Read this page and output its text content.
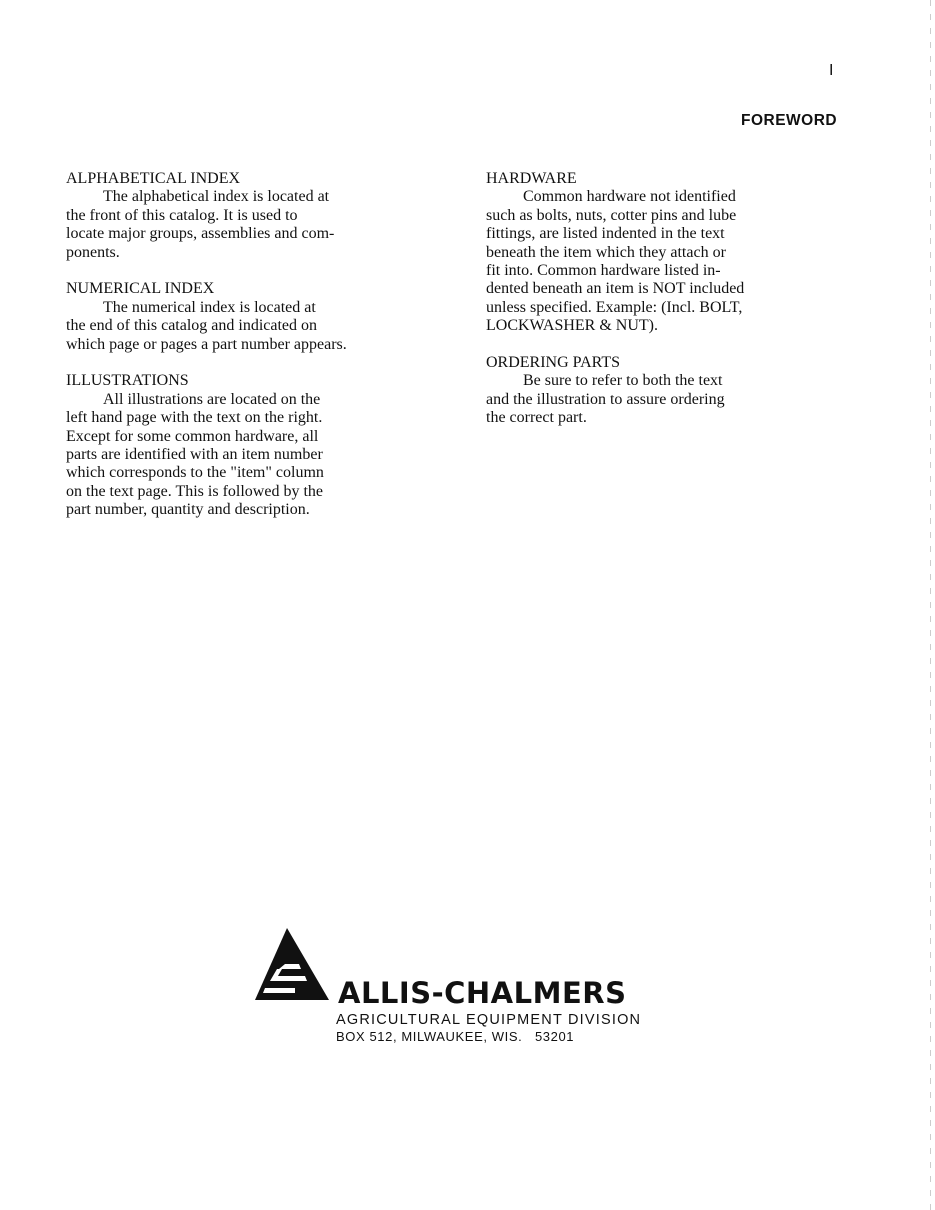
I
FOREWORD
ALPHABETICAL INDEX
The alphabetical index is located at
the front of this catalog. It is used to
locate major groups, assemblies and com-
ponents.
NUMERICAL INDEX
The numerical index is located at
the end of this catalog and indicated on
which page or pages a part number appears.
ILLUSTRATIONS
All illustrations are located on the
left hand page with the text on the right.
Except for some common hardware, all
parts are identified with an item number
which corresponds to the "item" column
on the text page. This is followed by the
part number, quantity and description.
HARDWARE
Common hardware not identified
such as bolts, nuts, cotter pins and lube
fittings, are listed indented in the text
beneath the item which they attach or
fit into. Common hardware listed in-
dented beneath an item is NOT included
unless specified. Example: (Incl. BOLT,
LOCKWASHER & NUT).
ORDERING PARTS
Be sure to refer to both the text
and the illustration to assure ordering
the correct part.
ALLIS-CHALMERS
AGRICULTURAL EQUIPMENT DIVISION
BOX 512, MILWAUKEE, WIS.   53201
